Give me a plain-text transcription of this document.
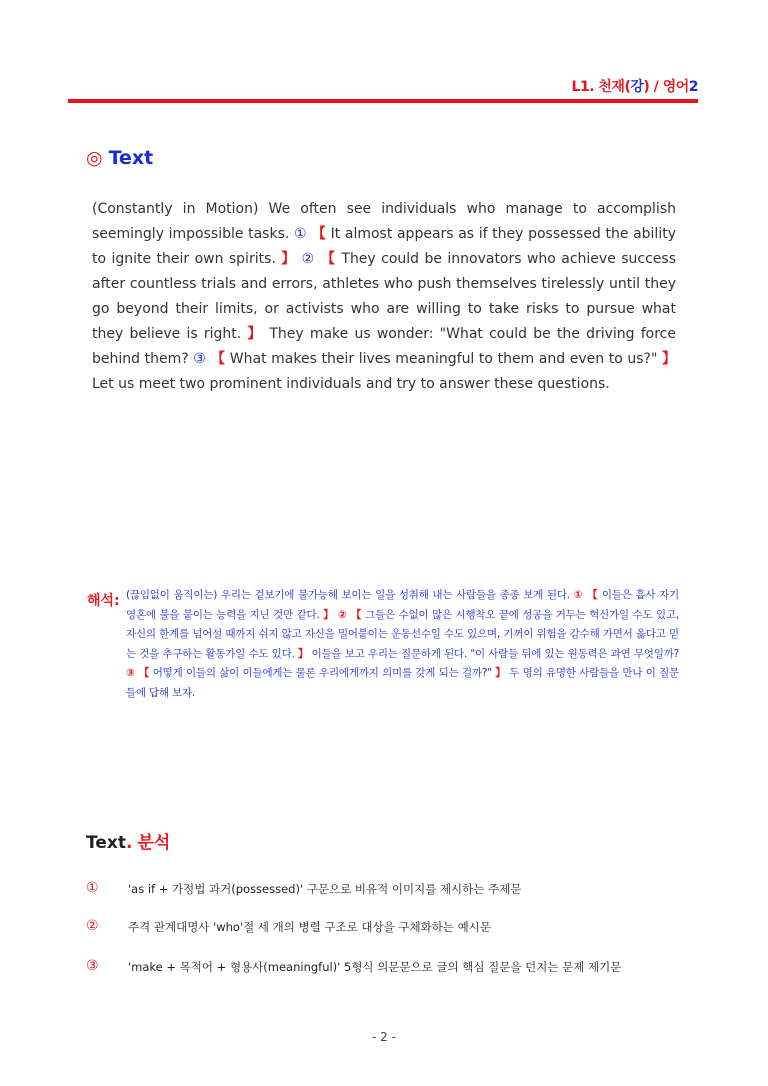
L1. 천재(강) / 영어2
◎ Text
(Constantly in Motion) We often see individuals who manage to accomplish seemingly impossible tasks. ① 【 It almost appears as if they possessed the ability to ignite their own spirits. 】 ② 【 They could be innovators who achieve success after countless trials and errors, athletes who push themselves tirelessly until they go beyond their limits, or activists who are willing to take risks to pursue what they believe is right. 】 They make us wonder: "What could be the driving force behind them? ③ 【 What makes their lives meaningful to them and even to us?" 】 Let us meet two prominent individuals and try to answer these questions.
해석: (끊임없이 움직이는) 우리는 겉보기에 불가능해 보이는 일을 성취해 내는 사람들을 종종 보게 된다. ① 【 이들은 흡사 자기 영혼에 불을 붙이는 능력을 지닌 것만 같다. 】 ② 【 그들은 수없이 많은 시행착오 끝에 성공을 거두는 혁신가일 수도 있고, 자신의 한계를 넘어설 때까지 쉬지 않고 자신을 밀어붙이는 운동선수일 수도 있으며, 기꺼이 위험을 감수해 가면서 옳다고 믿는 것을 추구하는 활동가일 수도 있다. 】 이들을 보고 우리는 질문하게 된다. "이 사람들 뒤에 있는 원동력은 과연 무엇일까? ③ 【 어떻게 이들의 삶이 이들에게는 물론 우리에게까지 의미를 갖게 되는 걸까?" 】 두 명의 유명한 사람들을 만나 이 질문들에 답해 보자.
Text. 분석
①	'as if + 가정법 과거(possessed)' 구문으로 비유적 이미지를 제시하는 주제문
②	주격 관계대명사 'who'절 세 개의 병렬 구조로 대상을 구체화하는 예시문
③	'make + 목적어 + 형용사(meaningful)' 5형식 의문문으로 글의 핵심 질문을 던지는 문제 제기문
- 2 -
